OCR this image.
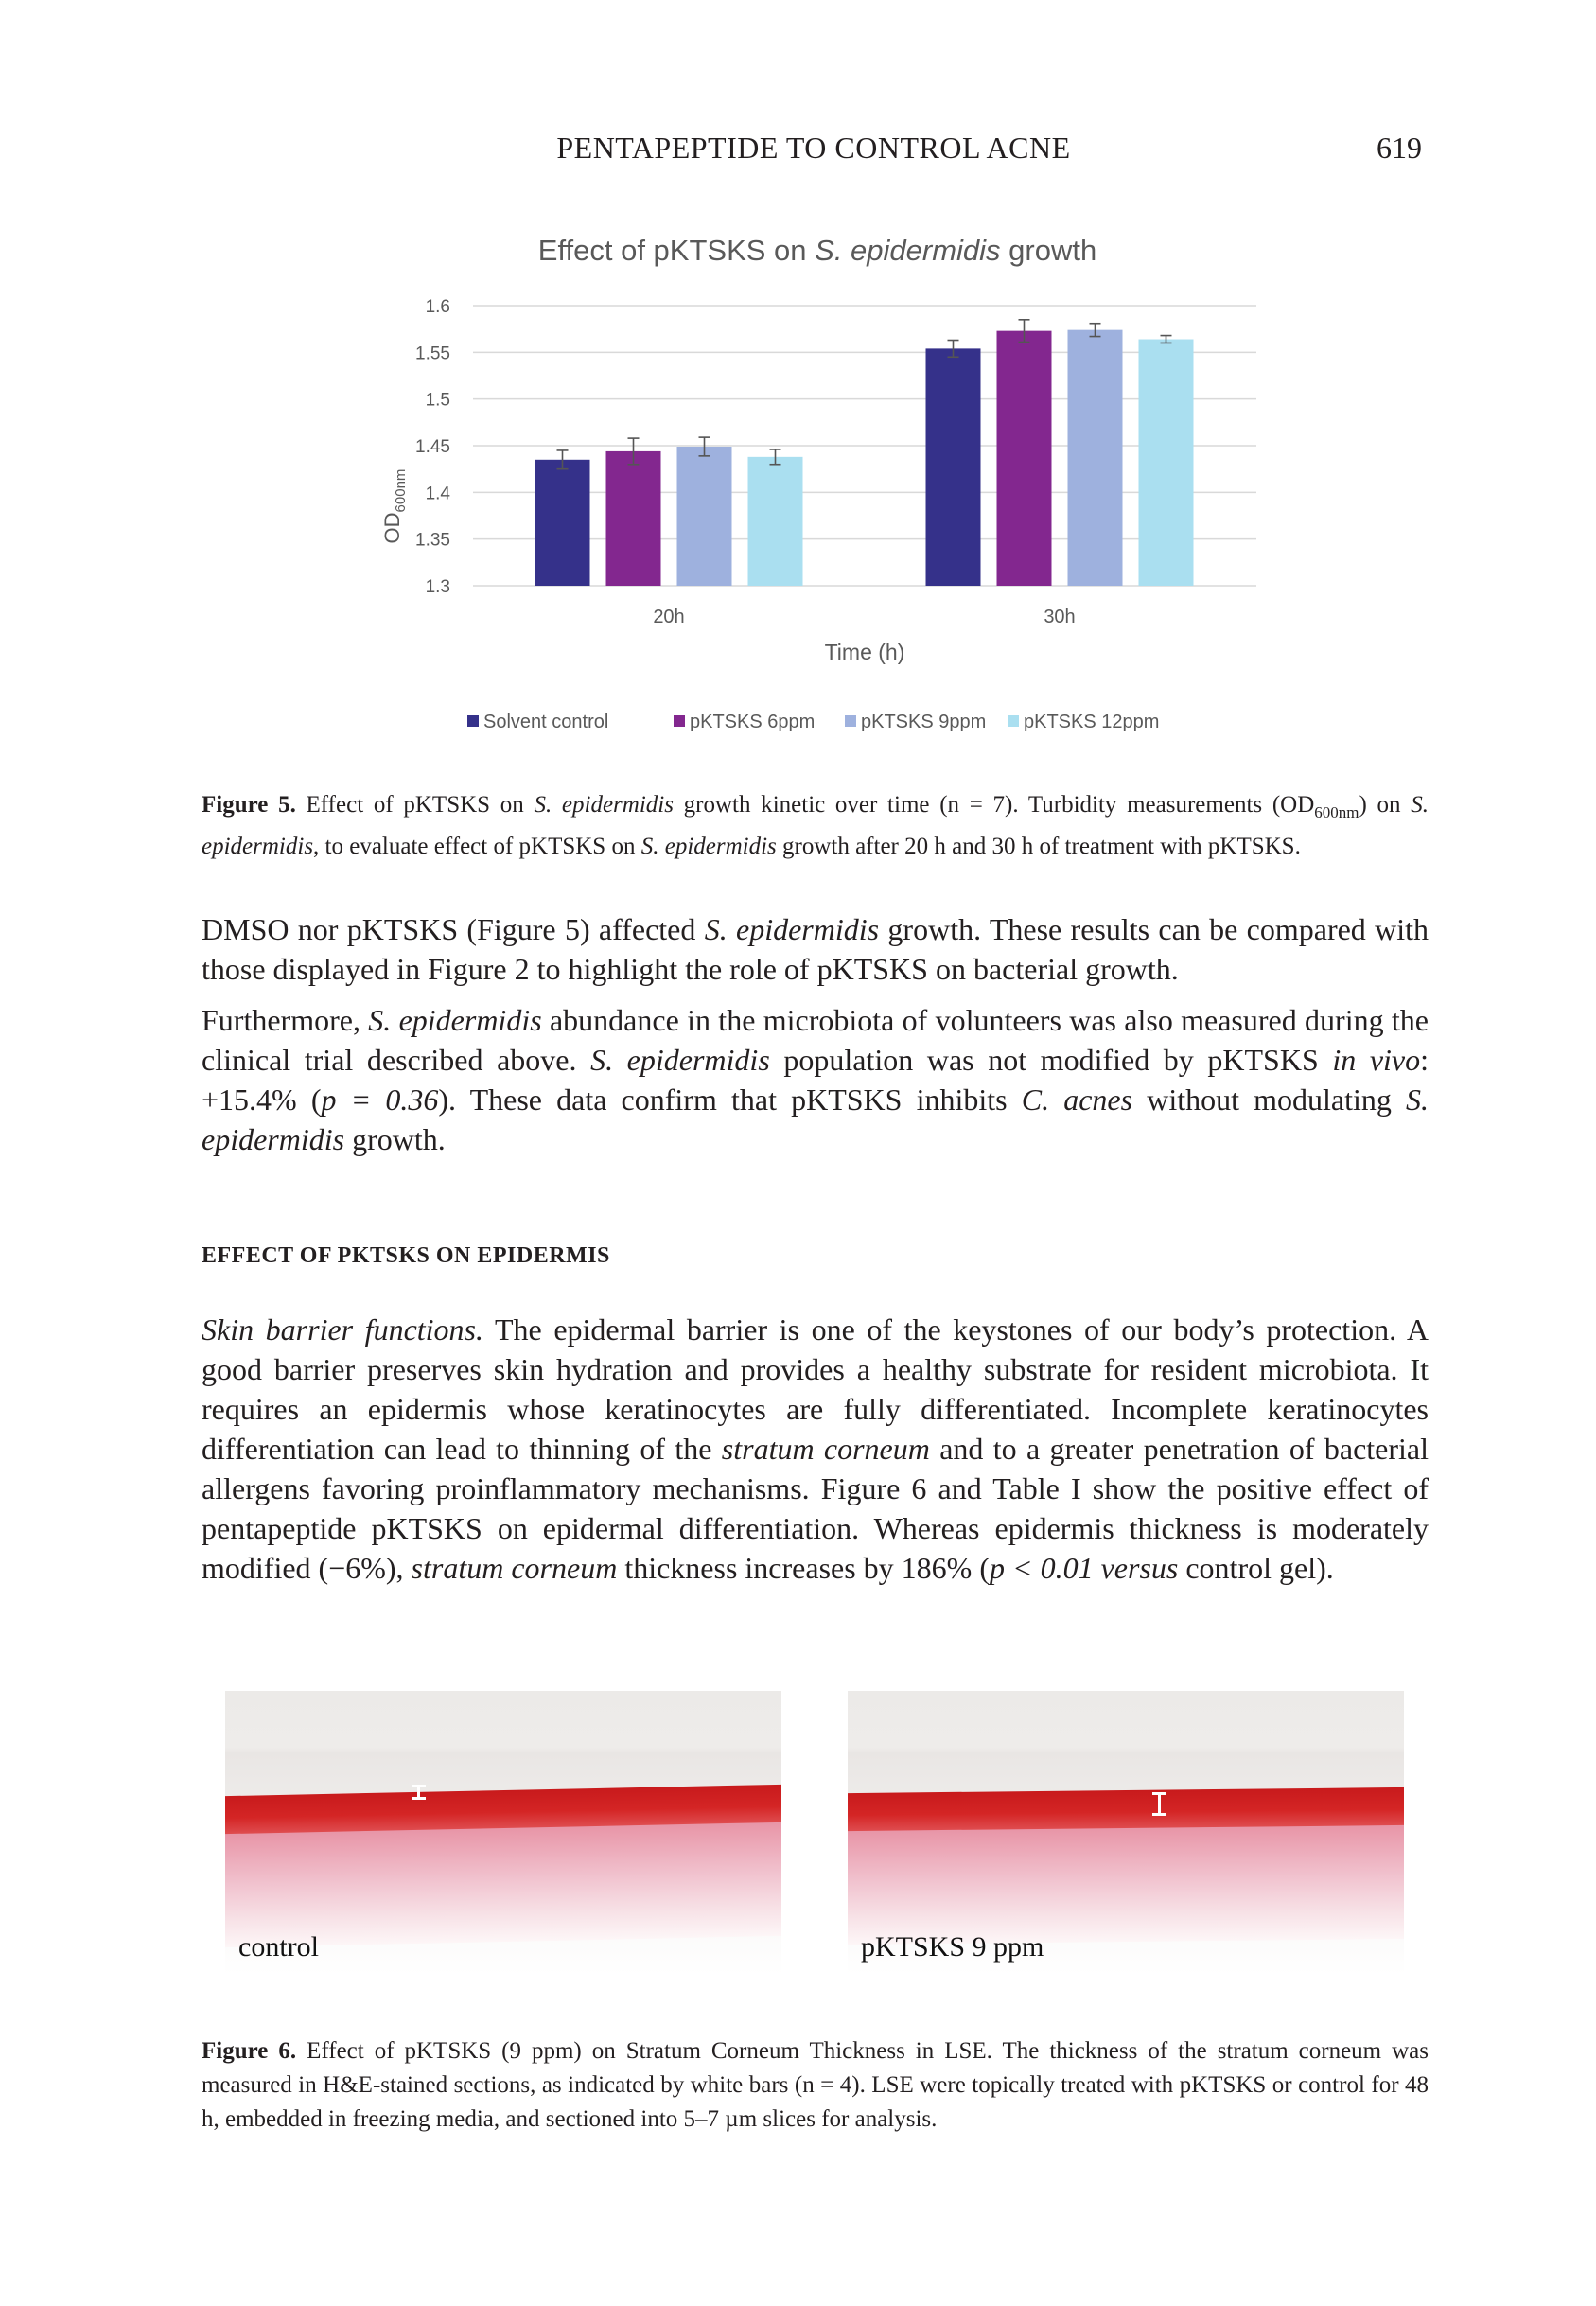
PENTAPEPTIDE TO CONTROL ACNE	619
Effect of pKTSKS on S. epidermidis growth
1.6
1.55
1.5
1.45
1.4
1.35
1.3
20h	30h
$OD_{600nm}$
Time (h)
Solvent control	pKTSKS 6ppm pKTSKS 9ppm pKTSKS 12ppm
Figure 5. Effect of pKTSKS on S. epidermidis growth kinetic over time (n = 7). Turbidity measurements $(OD_{600nm})$ on S. epidermidis, to evaluate effect of pKTSKS on S. epidermidis growth after 20 h and 30 h of treatment with pKTSKS.

DMSO nor pKTSKS (Figure 5) affected S. epidermidis growth. These results can be compared with those displayed in Figure 2 to highlight the role of pKTSKS on bacterial growth.

Furthermore, S. epidermidis abundance in the microbiota of volunteers was also measured during the clinical trial described above. S. epidermidis population was not modified by pKTSKS in vivo: +15.4% (p = 0.36). These data confirm that pKTSKS inhibits C. acnes without modulating S. epidermidis growth.

EFFECT OF PKTSKS ON EPIDERMIS

Skin barrier functions. The epidermal barrier is one of the keystones of our body’s protection. A good barrier preserves skin hydration and provides a healthy substrate for resident microbiota. It requires an epidermis whose keratinocytes are fully differentiated. Incomplete keratinocytes differentiation can lead to thinning of the stratum corneum and to a greater penetration of bacterial allergens favoring proinflammatory mechanisms. Figure 6 and Table I show the positive effect of pentapeptide pKTSKS on epidermal differentiation. Whereas epidermis thickness is moderately modified (−6%), stratum corneum thickness increases by 186% (p < 0.01 versus control gel).

control	pKTSKS 9 ppm
Figure 6. Effect of pKTSKS (9 ppm) on Stratum Corneum Thickness in LSE. The thickness of the stratum corneum was measured in H&E-stained sections, as indicated by white bars (n = 4). LSE were topically treated with pKTSKS or control for 48 h, embedded in freezing media, and sectioned into 5–7 µm slices for analysis.
